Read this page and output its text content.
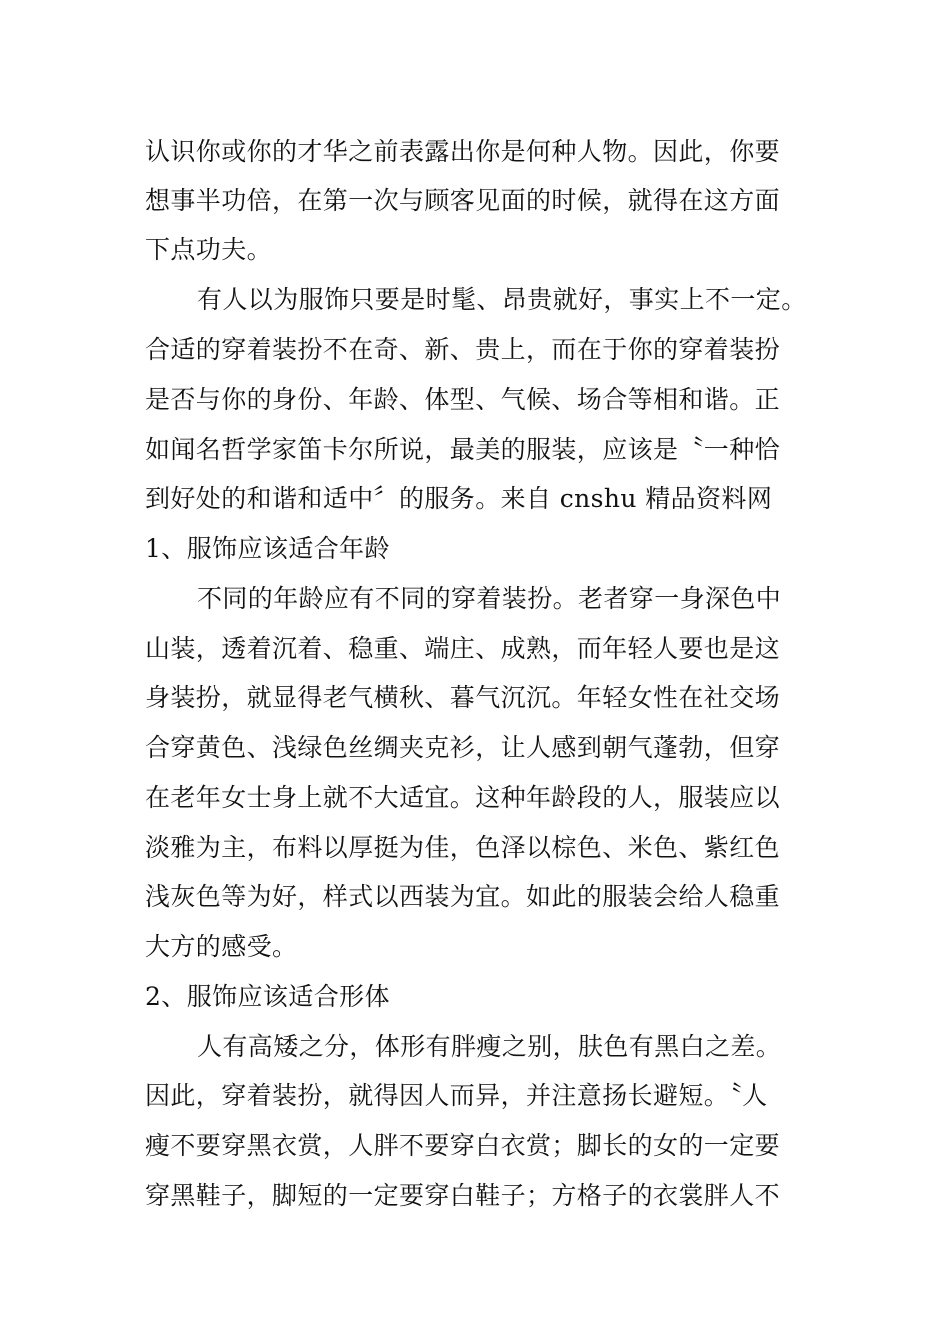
认识你或你的才华之前表露出你是何种人物。因此，你要
想事半功倍，在第一次与顾客见面的时候，就得在这方面
下点功夫。
有人以为服饰只要是时髦、昂贵就好，事实上不一定。
合适的穿着装扮不在奇、新、贵上，而在于你的穿着装扮
是否与你的身份、年龄、体型、气候、场合等相和谐。正
如闻名哲学家笛卡尔所说，最美的服装，应该是〝一种恰
到好处的和谐和适中〞的服务。来自 cnshu 精品资料网
1、服饰应该适合年龄
不同的年龄应有不同的穿着装扮。老者穿一身深色中
山装，透着沉着、稳重、端庄、成熟，而年轻人要也是这
身装扮，就显得老气横秋、暮气沉沉。年轻女性在社交场
合穿黄色、浅绿色丝绸夹克衫，让人感到朝气蓬勃，但穿
在老年女士身上就不大适宜。这种年龄段的人，服装应以
淡雅为主，布料以厚挺为佳，色泽以棕色、米色、紫红色
浅灰色等为好，样式以西装为宜。如此的服装会给人稳重
大方的感受。
2、服饰应该适合形体
人有高矮之分，体形有胖瘦之别，肤色有黑白之差。
因此，穿着装扮，就得因人而异，并注意扬长避短。〝人
瘦不要穿黑衣赏，人胖不要穿白衣赏；脚长的女的一定要
穿黑鞋子，脚短的一定要穿白鞋子；方格子的衣裳胖人不
